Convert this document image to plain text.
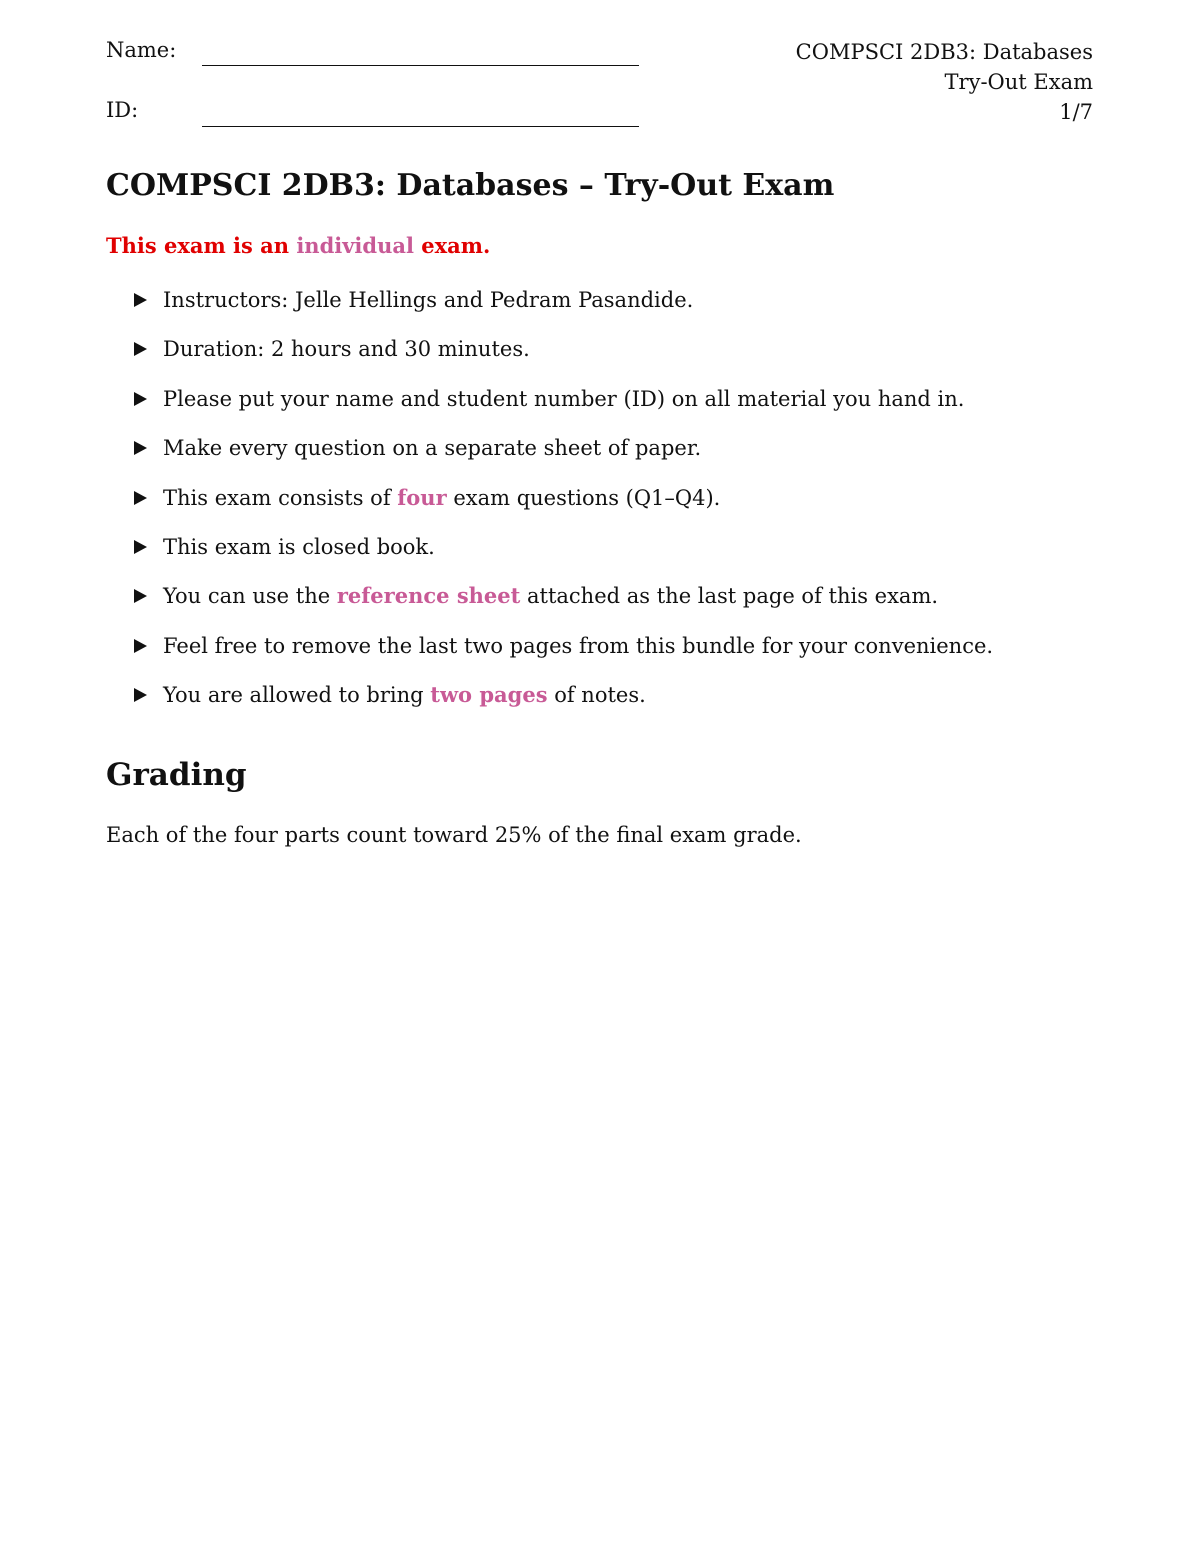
Name:
ID:
COMPSCI 2DB3: Databases
Try-Out Exam
1/7
COMPSCI 2DB3: Databases – Try-Out Exam
This exam is an individual exam.
Instructors: Jelle Hellings and Pedram Pasandide.
Duration: 2 hours and 30 minutes.
Please put your name and student number (ID) on all material you hand in.
Make every question on a separate sheet of paper.
This exam consists of four exam questions (Q1–Q4).
This exam is closed book.
You can use the reference sheet attached as the last page of this exam.
Feel free to remove the last two pages from this bundle for your convenience.
You are allowed to bring two pages of notes.
Grading
Each of the four parts count toward 25% of the final exam grade.
